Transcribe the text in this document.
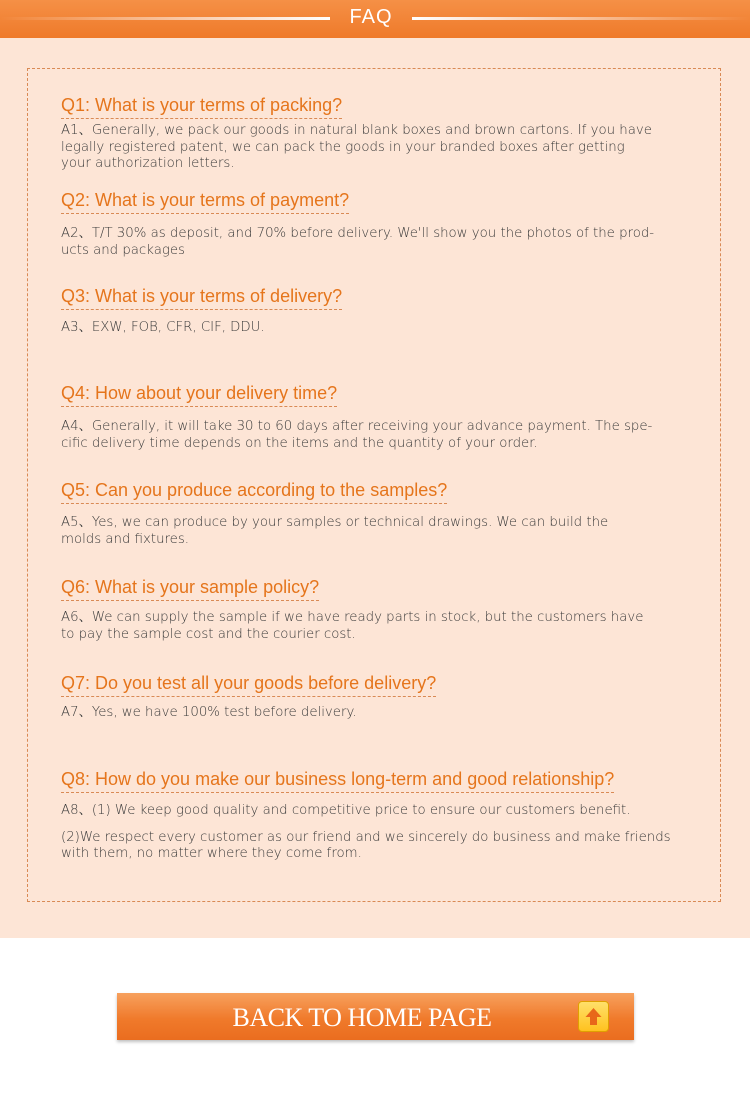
FAQ
Q1: What is your terms of packing?

A1、Generally, we pack our goods in natural blank boxes and brown cartons. If you have
legally registered patent, we can pack the goods in your branded boxes after getting
your authorization letters.

Q2: What is your terms of payment?

A2、T/T 30% as deposit, and 70% before delivery. We'll show you the photos of the prod-
ucts and packages

Q3: What is your terms of delivery?

A3、EXW, FOB, CFR, CIF, DDU.

Q4: How about your delivery time?

A4、Generally, it will take 30 to 60 days after receiving your advance payment. The spe-
cific delivery time depends on the items and the quantity of your order.

Q5: Can you produce according to the samples?

A5、Yes, we can produce by your samples or technical drawings. We can build the
molds and fixtures.

Q6: What is your sample policy?

A6、We can supply the sample if we have ready parts in stock, but the customers have
to pay the sample cost and the courier cost.

Q7: Do you test all your goods before delivery?

A7、Yes, we have 100% test before delivery.

Q8: How do you make our business long-term and good relationship?

A8、(1) We keep good quality and competitive price to ensure our customers benefit.

(2)We respect every customer as our friend and we sincerely do business and make friends
with them, no matter where they come from.

BACK TO HOME PAGE
